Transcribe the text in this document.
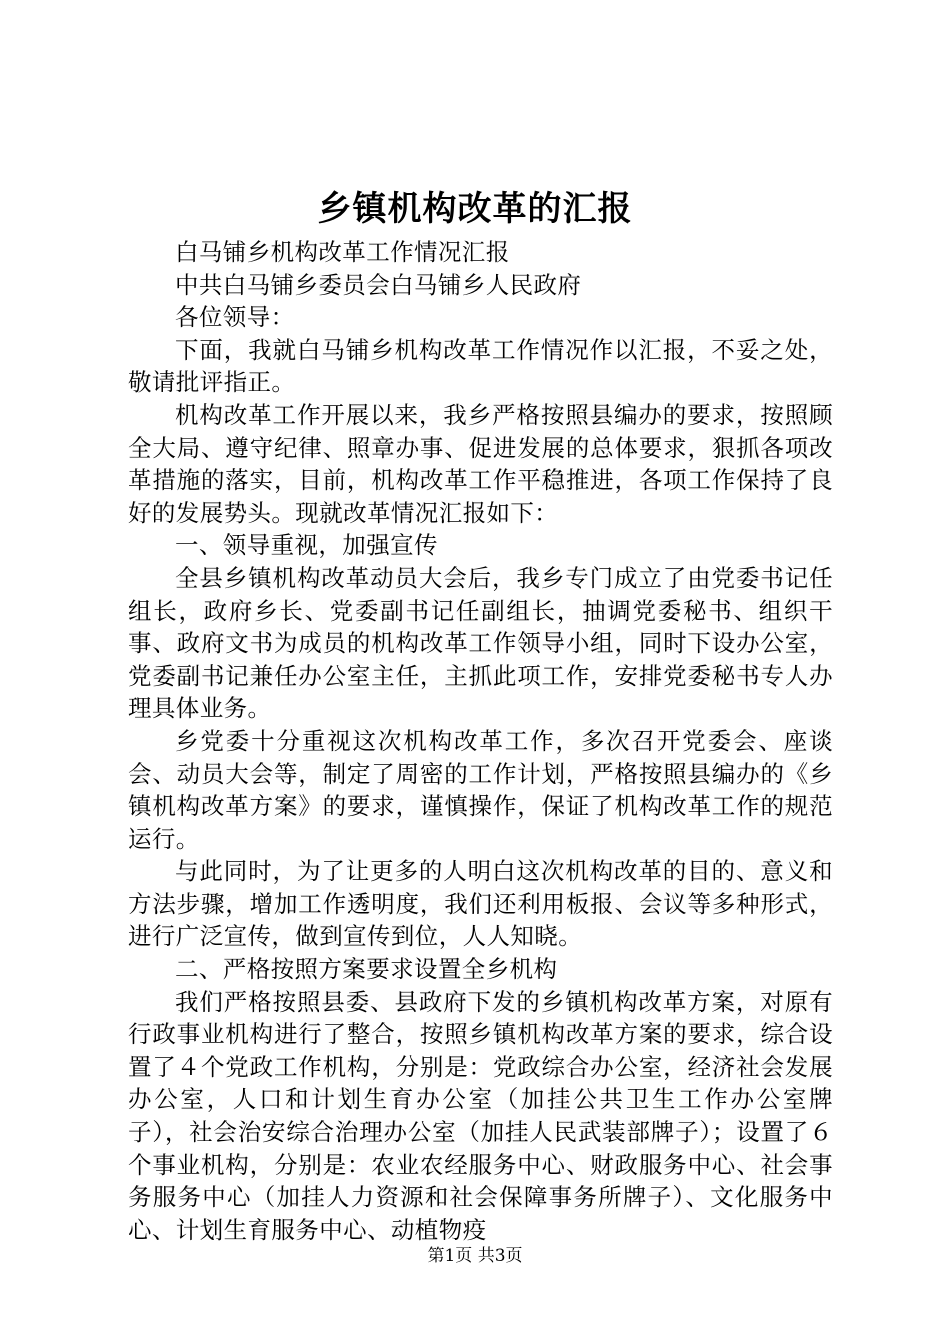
乡镇机构改革的汇报

白马铺乡机构改革工作情况汇报

中共白马铺乡委员会白马铺乡人民政府

各位领导：

下面，我就白马铺乡机构改革工作情况作以汇报，不妥之处，敬请批评指正。

机构改革工作开展以来，我乡严格按照县编办的要求，按照顾全大局、遵守纪律、照章办事、促进发展的总体要求，狠抓各项改革措施的落实，目前，机构改革工作平稳推进，各项工作保持了良好的发展势头。现就改革情况汇报如下：

一、领导重视，加强宣传

全县乡镇机构改革动员大会后，我乡专门成立了由党委书记任组长，政府乡长、党委副书记任副组长，抽调党委秘书、组织干事、政府文书为成员的机构改革工作领导小组，同时下设办公室，党委副书记兼任办公室主任，主抓此项工作，安排党委秘书专人办理具体业务。

乡党委十分重视这次机构改革工作，多次召开党委会、座谈会、动员大会等，制定了周密的工作计划，严格按照县编办的《乡镇机构改革方案》的要求，谨慎操作，保证了机构改革工作的规范运行。

与此同时，为了让更多的人明白这次机构改革的目的、意义和方法步骤，增加工作透明度，我们还利用板报、会议等多种形式，进行广泛宣传，做到宣传到位，人人知晓。

二、严格按照方案要求设置全乡机构

我们严格按照县委、县政府下发的乡镇机构改革方案，对原有行政事业机构进行了整合，按照乡镇机构改革方案的要求，综合设置了４个党政工作机构，分别是：党政综合办公室，经济社会发展办公室，人口和计划生育办公室（加挂公共卫生工作办公室牌子），社会治安综合治理办公室（加挂人民武装部牌子）；设置了６个事业机构，分别是：农业农经服务中心、财政服务中心、社会事务服务中心（加挂人力资源和社会保障事务所牌子）、文化服务中心、计划生育服务中心、动植物疫

第1页 共3页
